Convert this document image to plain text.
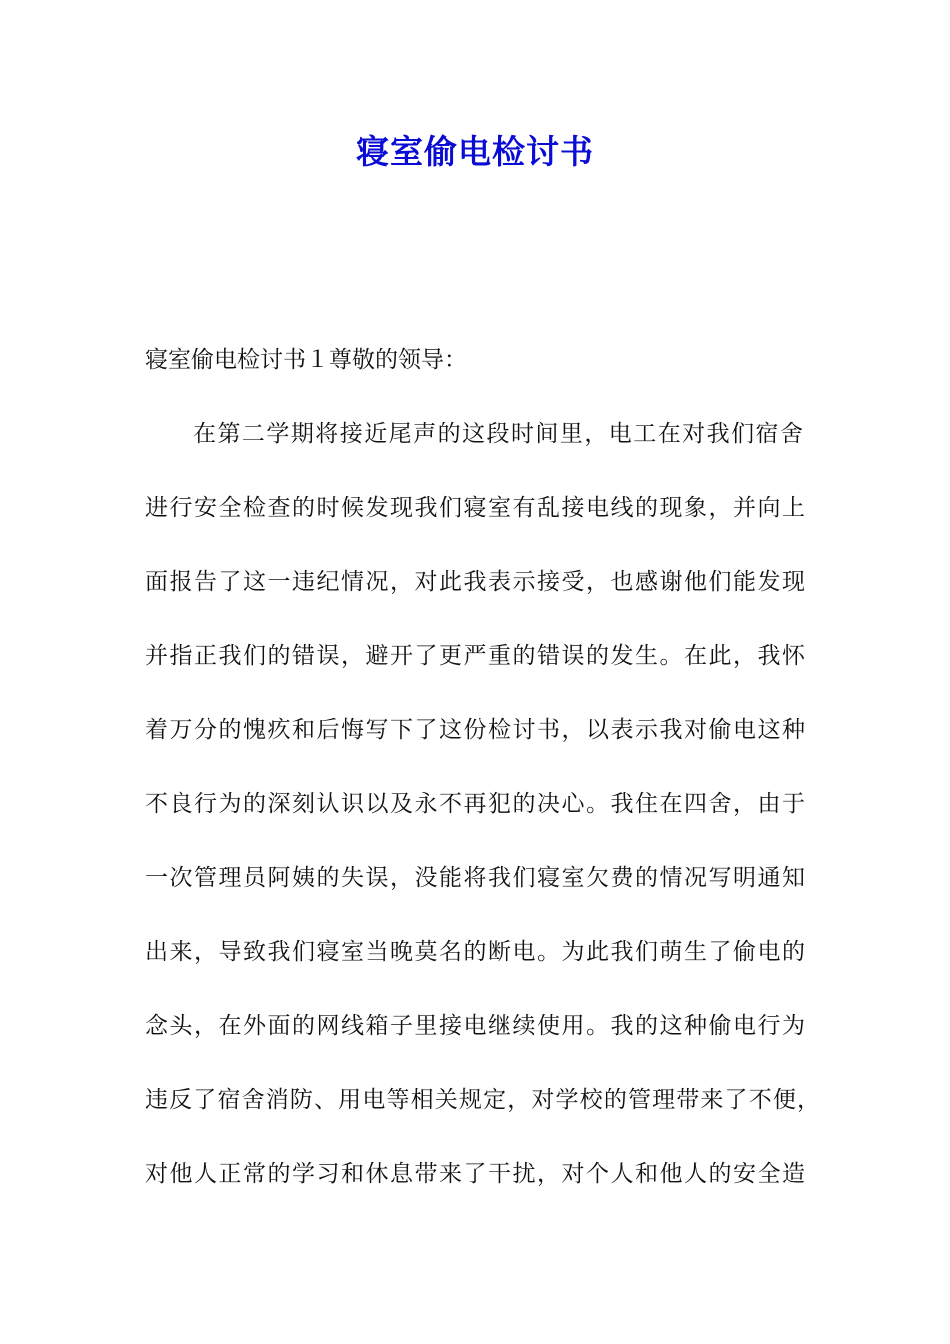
寝室偷电检讨书
寝室偷电检讨书１尊敬的领导：
在第二学期将接近尾声的这段时间里，电工在对我们宿舍
进行安全检查的时候发现我们寝室有乱接电线的现象，并向上
面报告了这一违纪情况，对此我表示接受，也感谢他们能发现
并指正我们的错误，避开了更严重的错误的发生。在此，我怀
着万分的愧疚和后悔写下了这份检讨书，以表示我对偷电这种
不良行为的深刻认识以及永不再犯的决心。我住在四舍，由于
一次管理员阿姨的失误，没能将我们寝室欠费的情况写明通知
出来，导致我们寝室当晚莫名的断电。为此我们萌生了偷电的
念头，在外面的网线箱子里接电继续使用。我的这种偷电行为
违反了宿舍消防、用电等相关规定，对学校的管理带来了不便，
对他人正常的学习和休息带来了干扰，对个人和他人的安全造
